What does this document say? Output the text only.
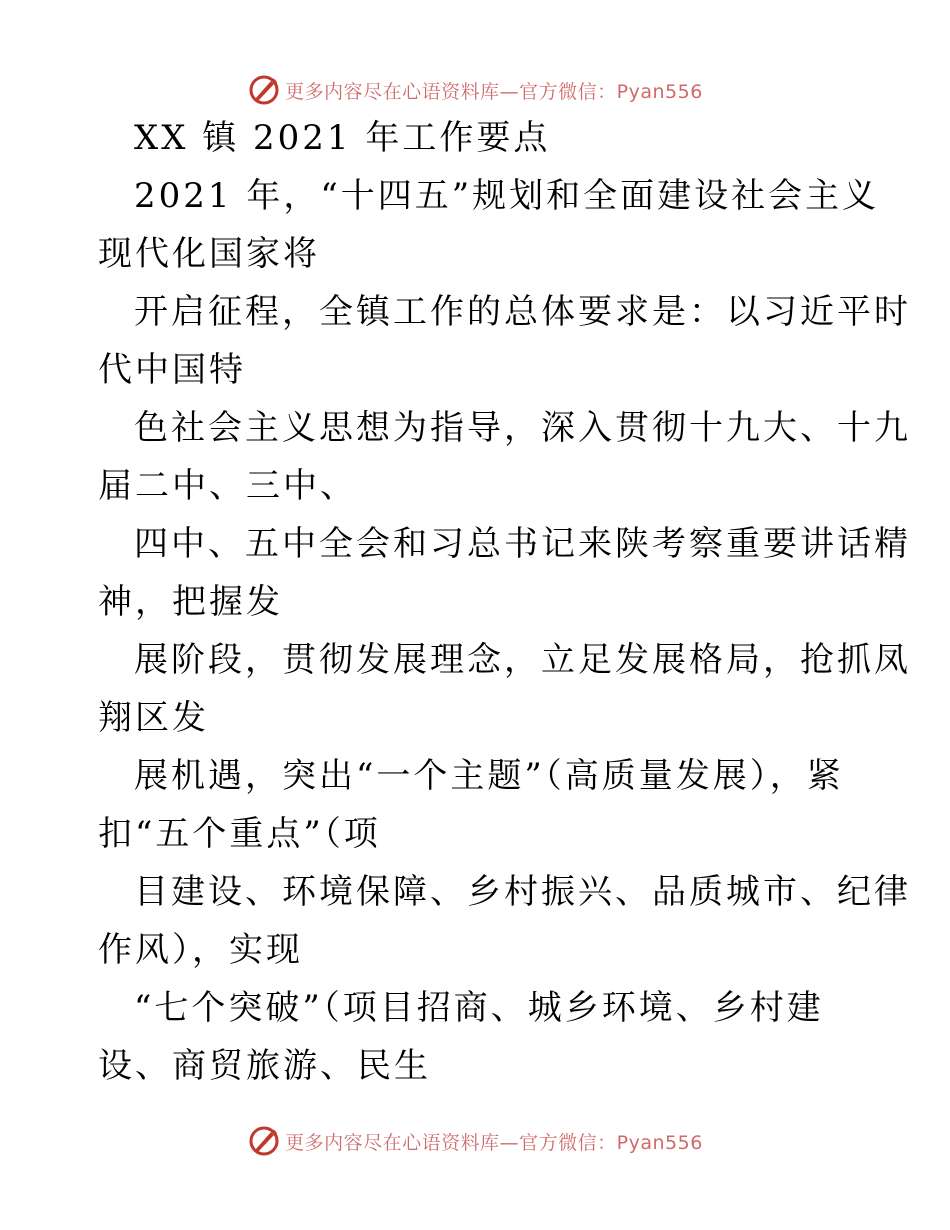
更多内容尽在心语资料库—官方微信：Pyan556
XX 镇 2021 年工作要点
2021 年，“十四五”规划和全面建设社会主义
现代化国家将
开启征程，全镇工作的总体要求是：以习近平时
代中国特
色社会主义思想为指导，深入贯彻十九大、十九
届二中、三中、
四中、五中全会和习总书记来陕考察重要讲话精
神，把握发
展阶段，贯彻发展理念，立足发展格局，抢抓凤
翔区发
展机遇，突出“一个主题”（高质量发展），紧
扣“五个重点”（项
目建设、环境保障、乡村振兴、品质城市、纪律
作风），实现
“七个突破”（项目招商、城乡环境、乡村建
设、商贸旅游、民生
更多内容尽在心语资料库—官方微信：Pyan556
